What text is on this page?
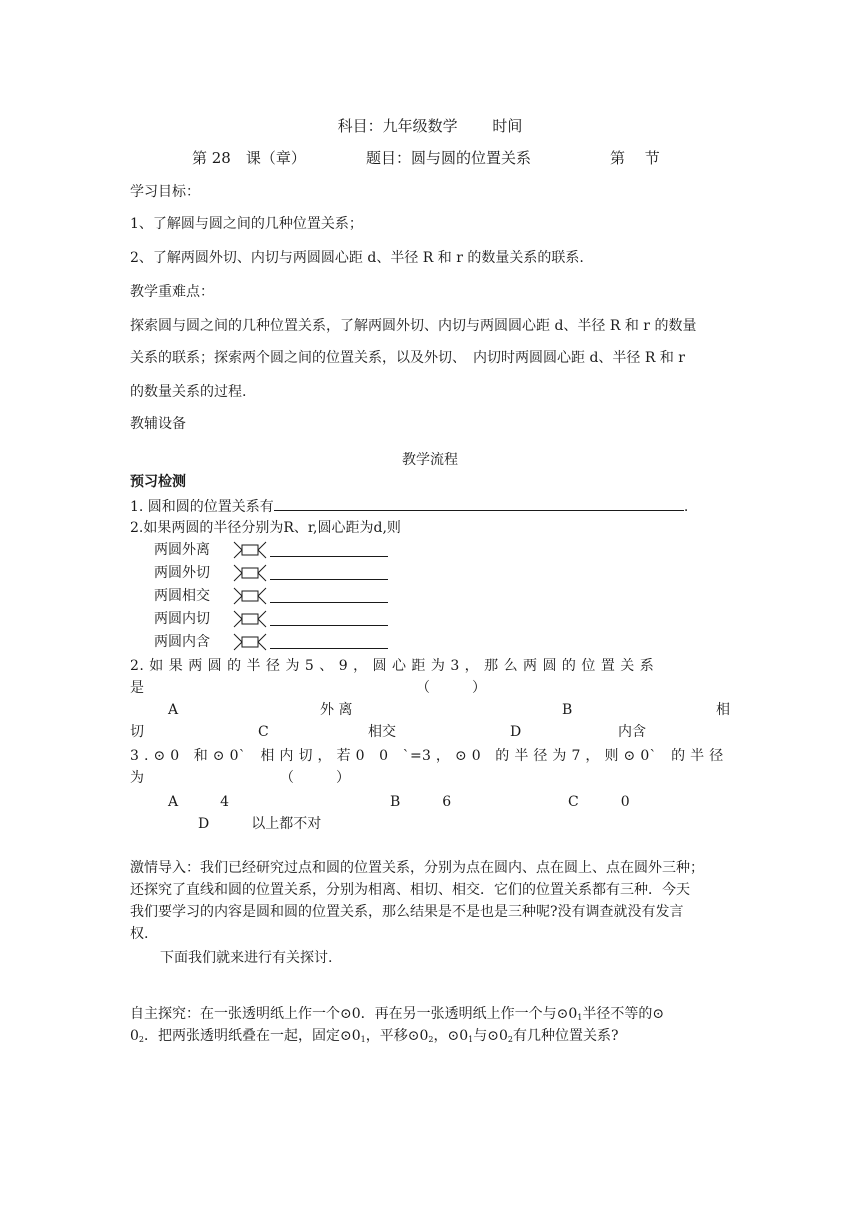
科目：九年级数学　　 时间
第 28　课（章）	题目：圆与圆的位置关系	第　 节
学习目标：
1、了解圆与圆之间的几种位置关系；
2、了解两圆外切、内切与两圆圆心距 d、半径 R 和 r 的数量关系的联系.
教学重难点：
探索圆与圆之间的几种位置关系，了解两圆外切、内切与两圆圆心距 d、半径 R 和 r 的数量
关系的联系；探索两个圆之间的位置关系，以及外切、　内切时两圆圆心距 d、半径 R 和 r
的数量关系的过程.
教辅设备
教学流程
预习检测
1. 圆和圆的位置关系有	.
2.如果两圆的半径分别为R、r,圆心距为d,则
两圆外离
两圆外切
两圆相交
两圆内切
两圆内含
2. 如 果 两 圆 的 半 径 为 5 、 9 ， 圆 心 距 为 3 ， 那 么 两 圆 的 位 置 关 系
是	（　　　）
A	外 离	B	相
切	C	相交	D	内含
3 . ⊙ 0　和 ⊙ 0`　相 内 切 ， 若 0　0　`=3 ， ⊙ 0　的 半 径 为 7 ， 则 ⊙ 0`　的 半 径
为	（　　　）
A　　　4	B　　　6	C　　　0
D　　　以上都不对
激情导入：我们已经研究过点和圆的位置关系，分别为点在圆内、点在圆上、点在圆外三种；
还探究了直线和圆的位置关系，分别为相离、相切、相交．它们的位置关系都有三种．今天
我们要学习的内容是圆和圆的位置关系，那么结果是不是也是三种呢?没有调查就没有发言
权.
下面我们就来进行有关探讨.
自主探究：在一张透明纸上作一个⊙0．再在另一张透明纸上作一个与$⊙0_1$半径不等的⊙
$0_2$．把两张透明纸叠在一起，固定$⊙0_1$，平移$⊙0_2$，$⊙0_1$与$⊙0_2$有几种位置关系?
